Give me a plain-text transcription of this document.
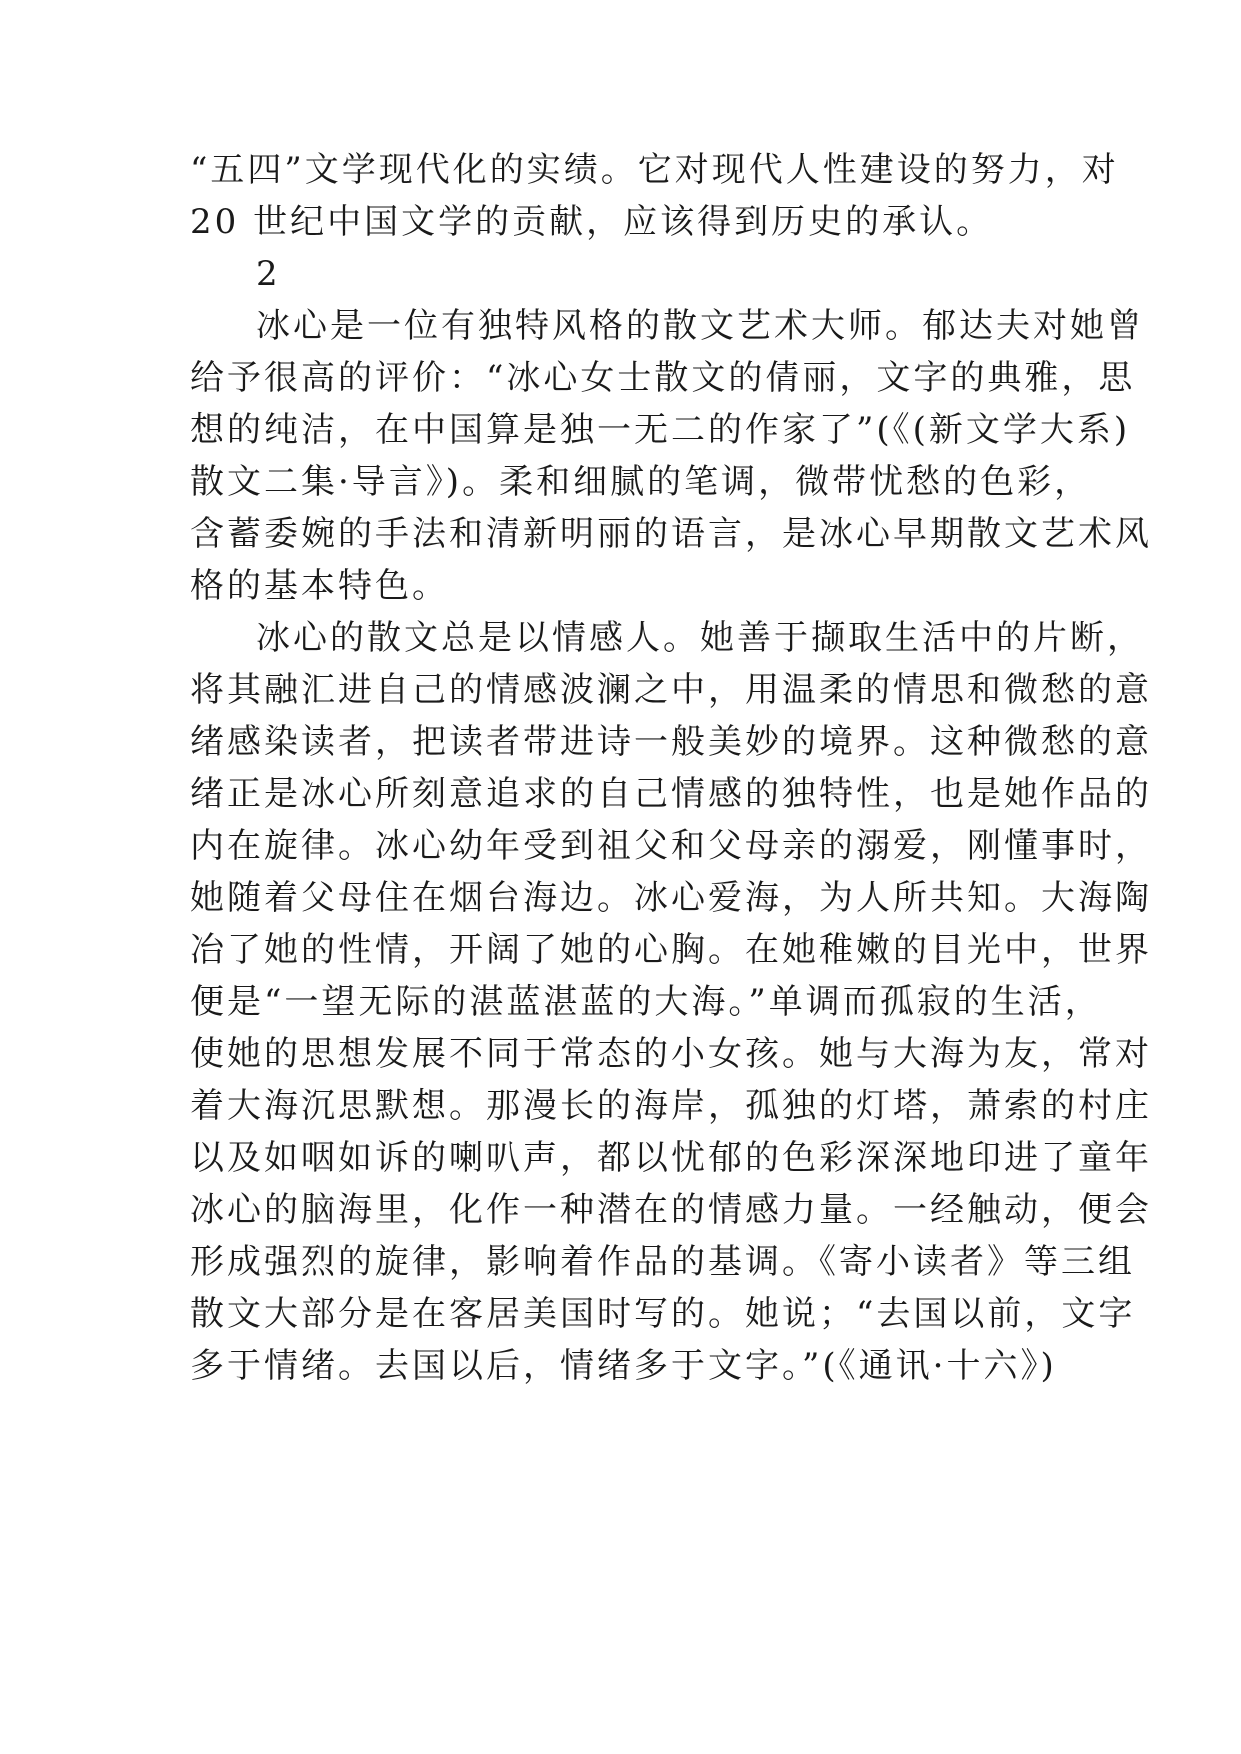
“五四”文学现代化的实绩。它对现代人性建设的努力，对
20 世纪中国文学的贡献，应该得到历史的承认。
2
冰心是一位有独特风格的散文艺术大师。郁达夫对她曾
给予很高的评价：“冰心女士散文的倩丽，文字的典雅，思
想的纯洁，在中国算是独一无二的作家了”(《(新文学大系)
散文二集·导言》)。柔和细腻的笔调，微带忧愁的色彩，
含蓄委婉的手法和清新明丽的语言，是冰心早期散文艺术风
格的基本特色。
冰心的散文总是以情感人。她善于撷取生活中的片断，
将其融汇进自己的情感波澜之中，用温柔的情思和微愁的意
绪感染读者，把读者带进诗一般美妙的境界。这种微愁的意
绪正是冰心所刻意追求的自己情感的独特性，也是她作品的
内在旋律。冰心幼年受到祖父和父母亲的溺爱，刚懂事时，
她随着父母住在烟台海边。冰心爱海，为人所共知。大海陶
冶了她的性情，开阔了她的心胸。在她稚嫩的目光中，世界
便是“一望无际的湛蓝湛蓝的大海。”单调而孤寂的生活，
使她的思想发展不同于常态的小女孩。她与大海为友，常对
着大海沉思默想。那漫长的海岸，孤独的灯塔，萧索的村庄
以及如咽如诉的喇叭声，都以忧郁的色彩深深地印进了童年
冰心的脑海里，化作一种潜在的情感力量。一经触动，便会
形成强烈的旋律，影响着作品的基调。《寄小读者》等三组
散文大部分是在客居美国时写的。她说；“去国以前，文字
多于情绪。去国以后，情绪多于文字。”(《通讯·十六》)
